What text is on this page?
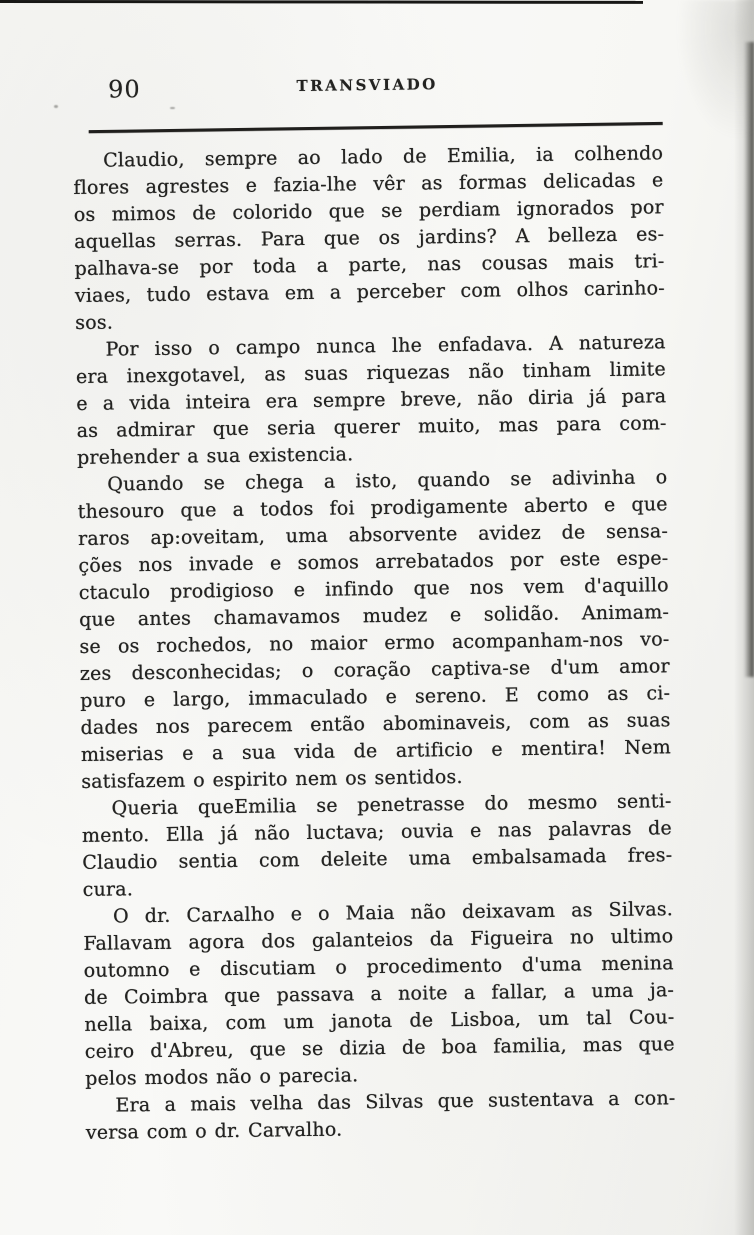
90	TRANSVIADO

Claudio, sempre ao lado de Emilia, ia colhendo
flores agrestes e fazia-lhe vêr as formas delicadas e
os mimos de colorido que se perdiam ignorados por
aquellas serras. Para que os jardins? A belleza es-
palhava-se por toda a parte, nas cousas mais tri-
viaes, tudo estava em a perceber com olhos carinho-
sos.

Por isso o campo nunca lhe enfadava. A natureza
era inexgotavel, as suas riquezas não tinham limite
e a vida inteira era sempre breve, não diria já para
as admirar que seria querer muito, mas para com-
prehender a sua existencia.

Quando se chega a isto, quando se adivinha o
thesouro que a todos foi prodigamente aberto e que
raros ap:oveitam, uma absorvente avidez de sensa-
ções nos invade e somos arrebatados por este espe-
ctaculo prodigioso e infindo que nos vem d'aquillo
que antes chamavamos mudez e solidão. Animam-
se os rochedos, no maior ermo acompanham-nos vo-
zes desconhecidas; o coração captiva-se d'um amor
puro e largo, immaculado e sereno. E como as ci-
dades nos parecem então abominaveis, com as suas
miserias e a sua vida de artificio e mentira! Nem
satisfazem o espirito nem os sentidos.

Queria queEmilia se penetrasse do mesmo senti-
mento. Ella já não luctava; ouvia e nas palavras de
Claudio sentia com deleite uma embalsamada fres-
cura.

O dr. Carʌalho e o Maia não deixavam as Silvas.
Fallavam agora dos galanteios da Figueira no ultimo
outomno e discutiam o procedimento d'uma menina
de Coimbra que passava a noite a fallar, a uma ja-
nella baixa, com um janota de Lisboa, um tal Cou-
ceiro d'Abreu, que se dizia de boa familia, mas que
pelos modos não o parecia.

Era a mais velha das Silvas que sustentava a con-
versa com o dr. Carvalho.
